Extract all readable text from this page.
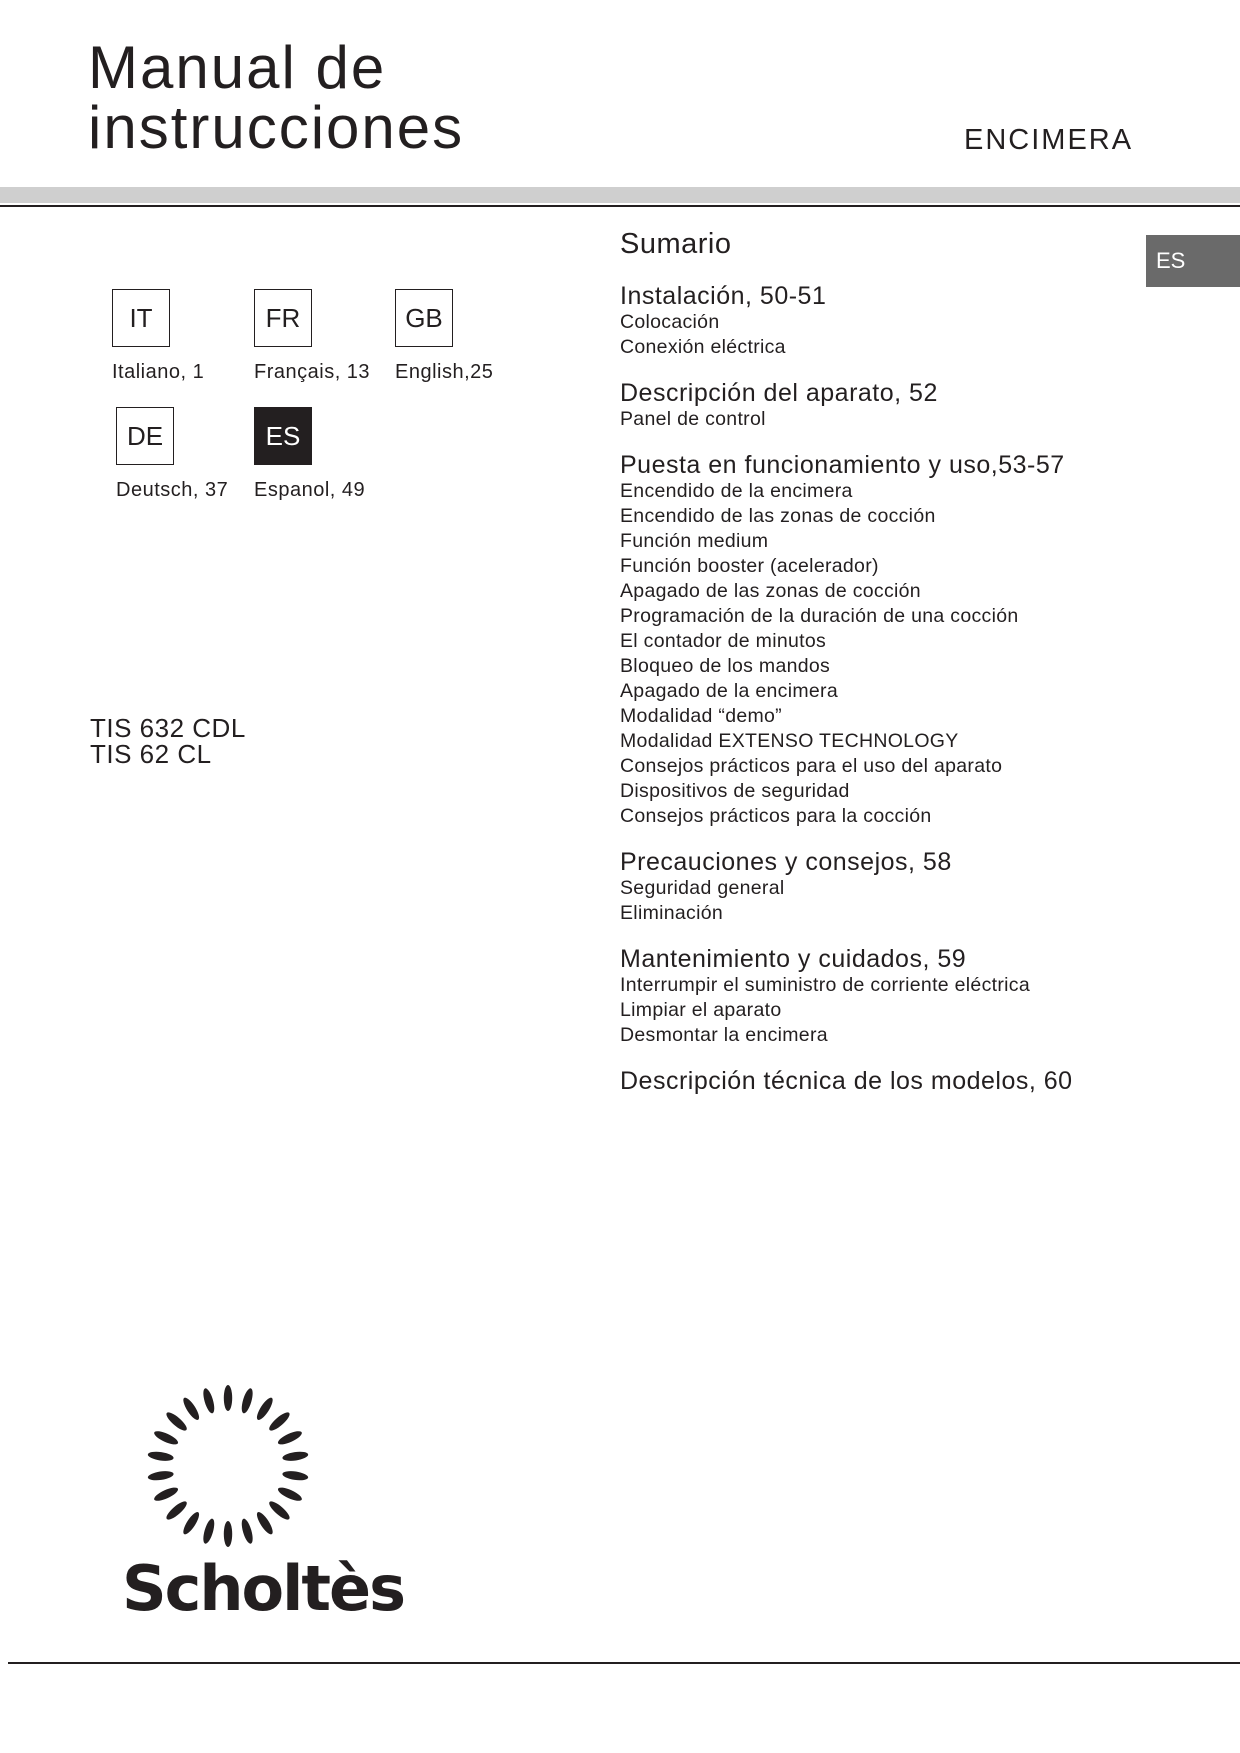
Manual de
instrucciones	ENCIMERA
ES
IT
Italiano, 1
FR
Français, 13
GB
English,25
DE
Deutsch, 37
ES
Espanol, 49
TIS 632 CDL
TIS 62 CL
Sumario
Instalación, 50-51
Colocación
Conexión eléctrica
Descripción del aparato, 52
Panel de control
Puesta en funcionamiento y uso,53-57
Encendido de la encimera
Encendido de las zonas de cocción
Función medium
Función booster (acelerador)
Apagado de las zonas de cocción
Programación de la duración de una cocción
El contador de minutos
Bloqueo de los mandos
Apagado de la encimera
Modalidad “demo”
Modalidad EXTENSO TECHNOLOGY
Consejos prácticos para el uso del aparato
Dispositivos de seguridad
Consejos prácticos para la cocción
Precauciones y consejos, 58
Seguridad general
Eliminación
Mantenimiento y cuidados, 59
Interrumpir el suministro de corriente eléctrica
Limpiar el aparato
Desmontar la encimera
Descripción técnica de los modelos, 60
Scholtès
